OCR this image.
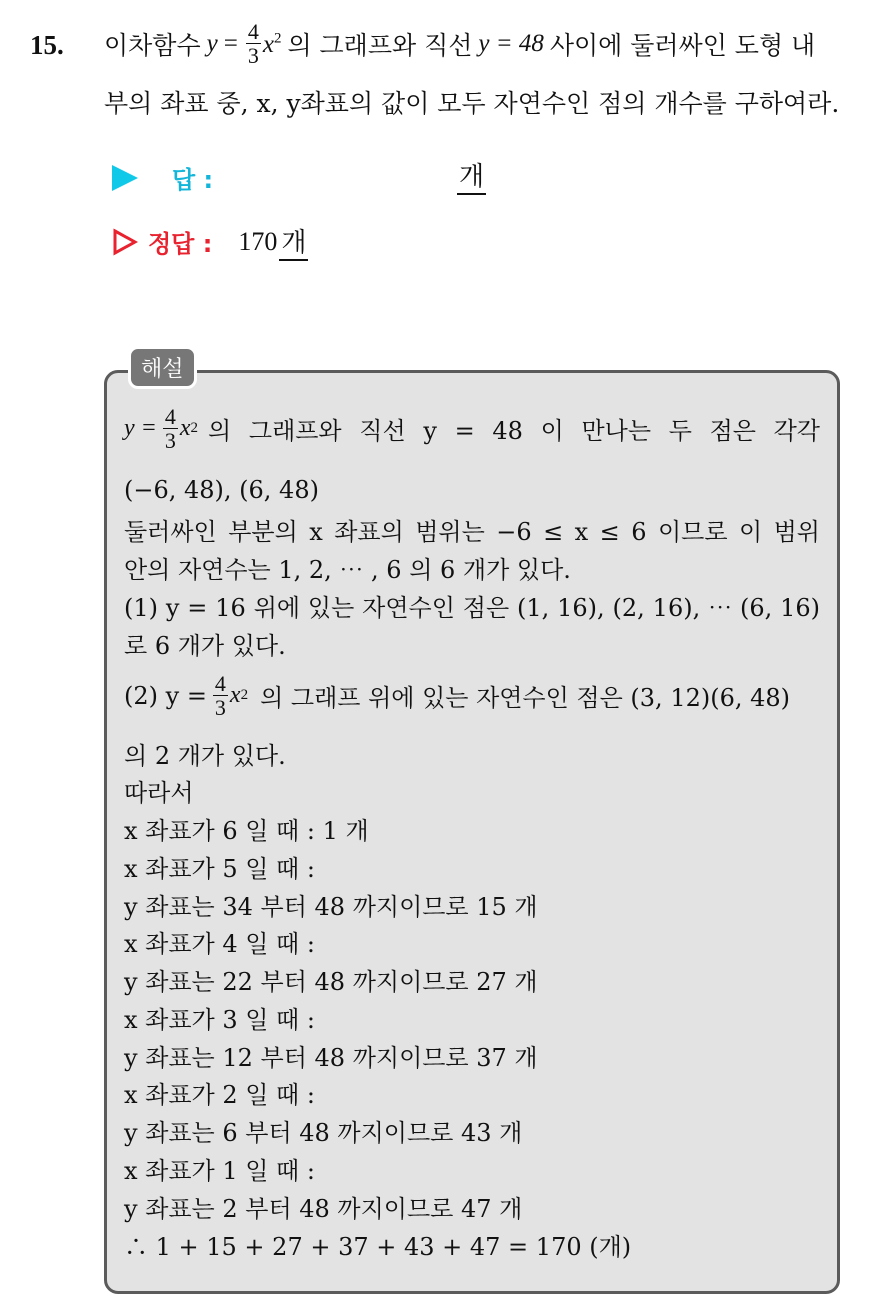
15. 이차함수 $y = \frac{4}{3} x^2$ 의 그래프와 직선 y = 48 사이에 둘러싸인 도형 내
부의 좌표 중, x, y좌표의 값이 모두 자연수인 점의 개수를 구하여라.
답 :	개
정답 : 170 개
해설
$y = \frac{4}{3}$ x 2 의 그래프와 직선 y = 48 이 만나는 두 점은 각각
(−6, 48), (6, 48)
둘러싸인 부분의 x 좌표의 범위는 −6 ≤ x ≤ 6 이므로 이 범위
안의 자연수는 1, 2, ⋯ , 6 의 6 개가 있다.
(1) y = 16 위에 있는 자연수인 점은 (1, 16), (2, 16), ⋯ (6, 16)
로 6 개가 있다.
(2) $y = \frac{4}{3}$ x 2 의 그래프 위에 있는 자연수인 점은 (3, 12)(6, 48)
의 2 개가 있다.
따라서
x 좌표가 6 일 때 : 1 개
x 좌표가 5 일 때 :
y 좌표는 34 부터 48 까지이므로 15 개
x 좌표가 4 일 때 :
y 좌표는 22 부터 48 까지이므로 27 개
x 좌표가 3 일 때 :
y 좌표는 12 부터 48 까지이므로 37 개
x 좌표가 2 일 때 :
y 좌표는 6 부터 48 까지이므로 43 개
x 좌표가 1 일 때 :
y 좌표는 2 부터 48 까지이므로 47 개
∴ 1 + 15 + 27 + 37 + 43 + 47 = 170 (개)
